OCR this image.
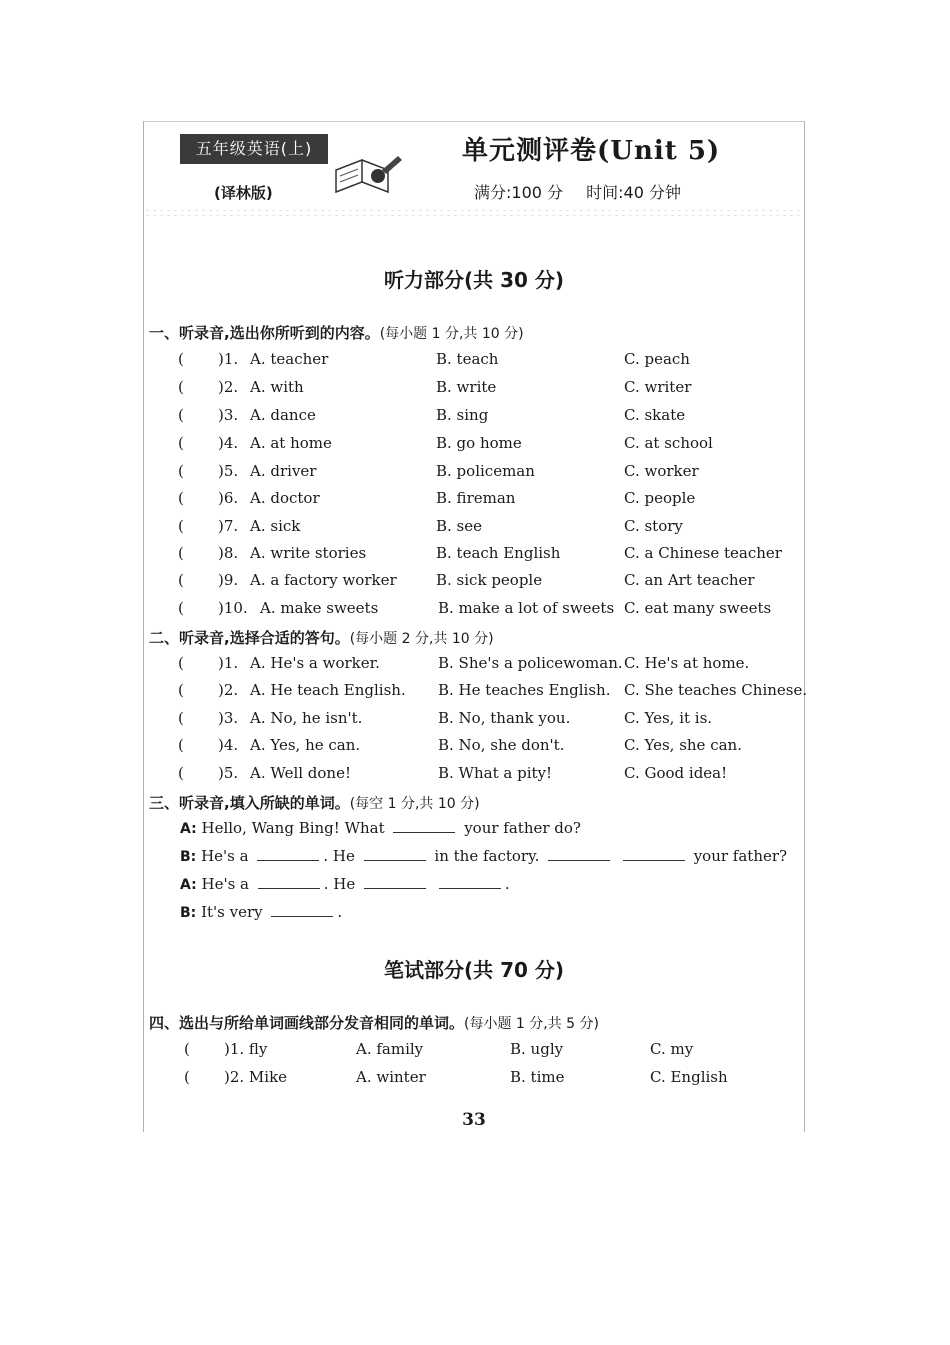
五年级英语(上)
(译林版)
单元测评卷(Unit 5)
满分:100 分 时间:40 分钟
听力部分(共 30 分)
一、听录音,选出你所听到的内容。(每小题 1 分,共 10 分)
( )1. A. teacher	B. teach	C. peach
( )2. A. with	B. write	C. writer
( )3. A. dance	B. sing	C. skate
( )4. A. at home	B. go home	C. at school
( )5. A. driver	B. policeman	C. worker
( )6. A. doctor	B. fireman	C. people
( )7. A. sick	B. see	C. story
( )8. A. write stories	B. teach English	C. a Chinese teacher
( )9. A. a factory worker	B. sick people	C. an Art teacher
( )10. A. make sweets	B. make a lot of sweets C. eat many sweets
二、听录音,选择合适的答句。(每小题 2 分,共 10 分)
( )1. A. He's a worker.	B. She's a policewoman. C. He's at home.
( )2. A. He teach English. B. He teaches English. C. She teaches Chinese.
( )3. A. No, he isn't.	B. No, thank you.	C. Yes, it is.
( )4. A. Yes, he can.	B. No, she don't.	C. Yes, she can.
( )5. A. Well done!	B. What a pity!	C. Good idea!
三、听录音,填入所缺的单词。(每空 1 分,共 10 分)
A: Hello, Wang Bing! What	your father do?
B: He's a	. He	in the factory.	your father?
A: He's a	. He	.
B: It's very	.
笔试部分(共 70 分)
四、选出与所给单词画线部分发音相同的单词。(每小题 1 分,共 5 分)
( )1. fly	A. family	B. ugly	C. my
( )2. Mike	A. winter	B. time	C. English
33
